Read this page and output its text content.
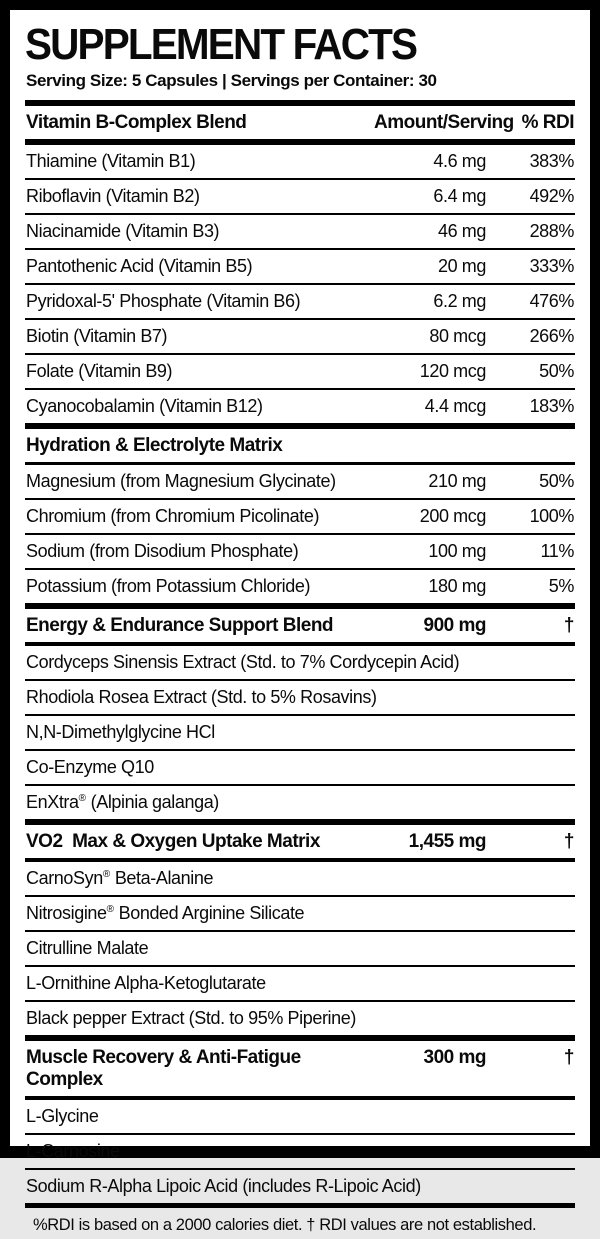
SUPPLEMENT FACTS
Serving Size: 5 Capsules | Servings per Container: 30
Vitamin B-Complex Blend	Amount/Serving % RDI
Thiamine (Vitamin B1)	4.6 mg	383%
Riboflavin (Vitamin B2)	6.4 mg	492%
Niacinamide (Vitamin B3)	46 mg	288%
Pantothenic Acid (Vitamin B5)	20 mg	333%
Pyridoxal-5' Phosphate (Vitamin B6)	6.2 mg	476%
Biotin (Vitamin B7)	80 mcg	266%
Folate (Vitamin B9)	120 mcg	50%
Cyanocobalamin (Vitamin B12)	4.4 mcg	183%
Hydration & Electrolyte Matrix
Magnesium (from Magnesium Glycinate)	210 mg	50%
Chromium (from Chromium Picolinate)	200 mcg	100%
Sodium (from Disodium Phosphate)	100 mg	11%
Potassium (from Potassium Chloride)	180 mg	5%
Energy & Endurance Support Blend	900 mg	†
Cordyceps Sinensis Extract (Std. to 7% Cordycepin Acid)
Rhodiola Rosea Extract (Std. to 5% Rosavins)
N,N-Dimethylglycine HCl
Co-Enzyme Q10
EnXtra® (Alpinia galanga)
VO2  Max & Oxygen Uptake Matrix	1,455 mg	†
CarnoSyn® Beta-Alanine
Nitrosigine® Bonded Arginine Silicate
Citrulline Malate
L-Ornithine Alpha-Ketoglutarate
Black pepper Extract (Std. to 95% Piperine)
Muscle Recovery & Anti-Fatigue Complex
300 mg	†
L-Glycine
L-Carnosine
Sodium R-Alpha Lipoic Acid (includes R-Lipoic Acid)
%RDI is based on a 2000 calories diet. † RDI values are not established.
